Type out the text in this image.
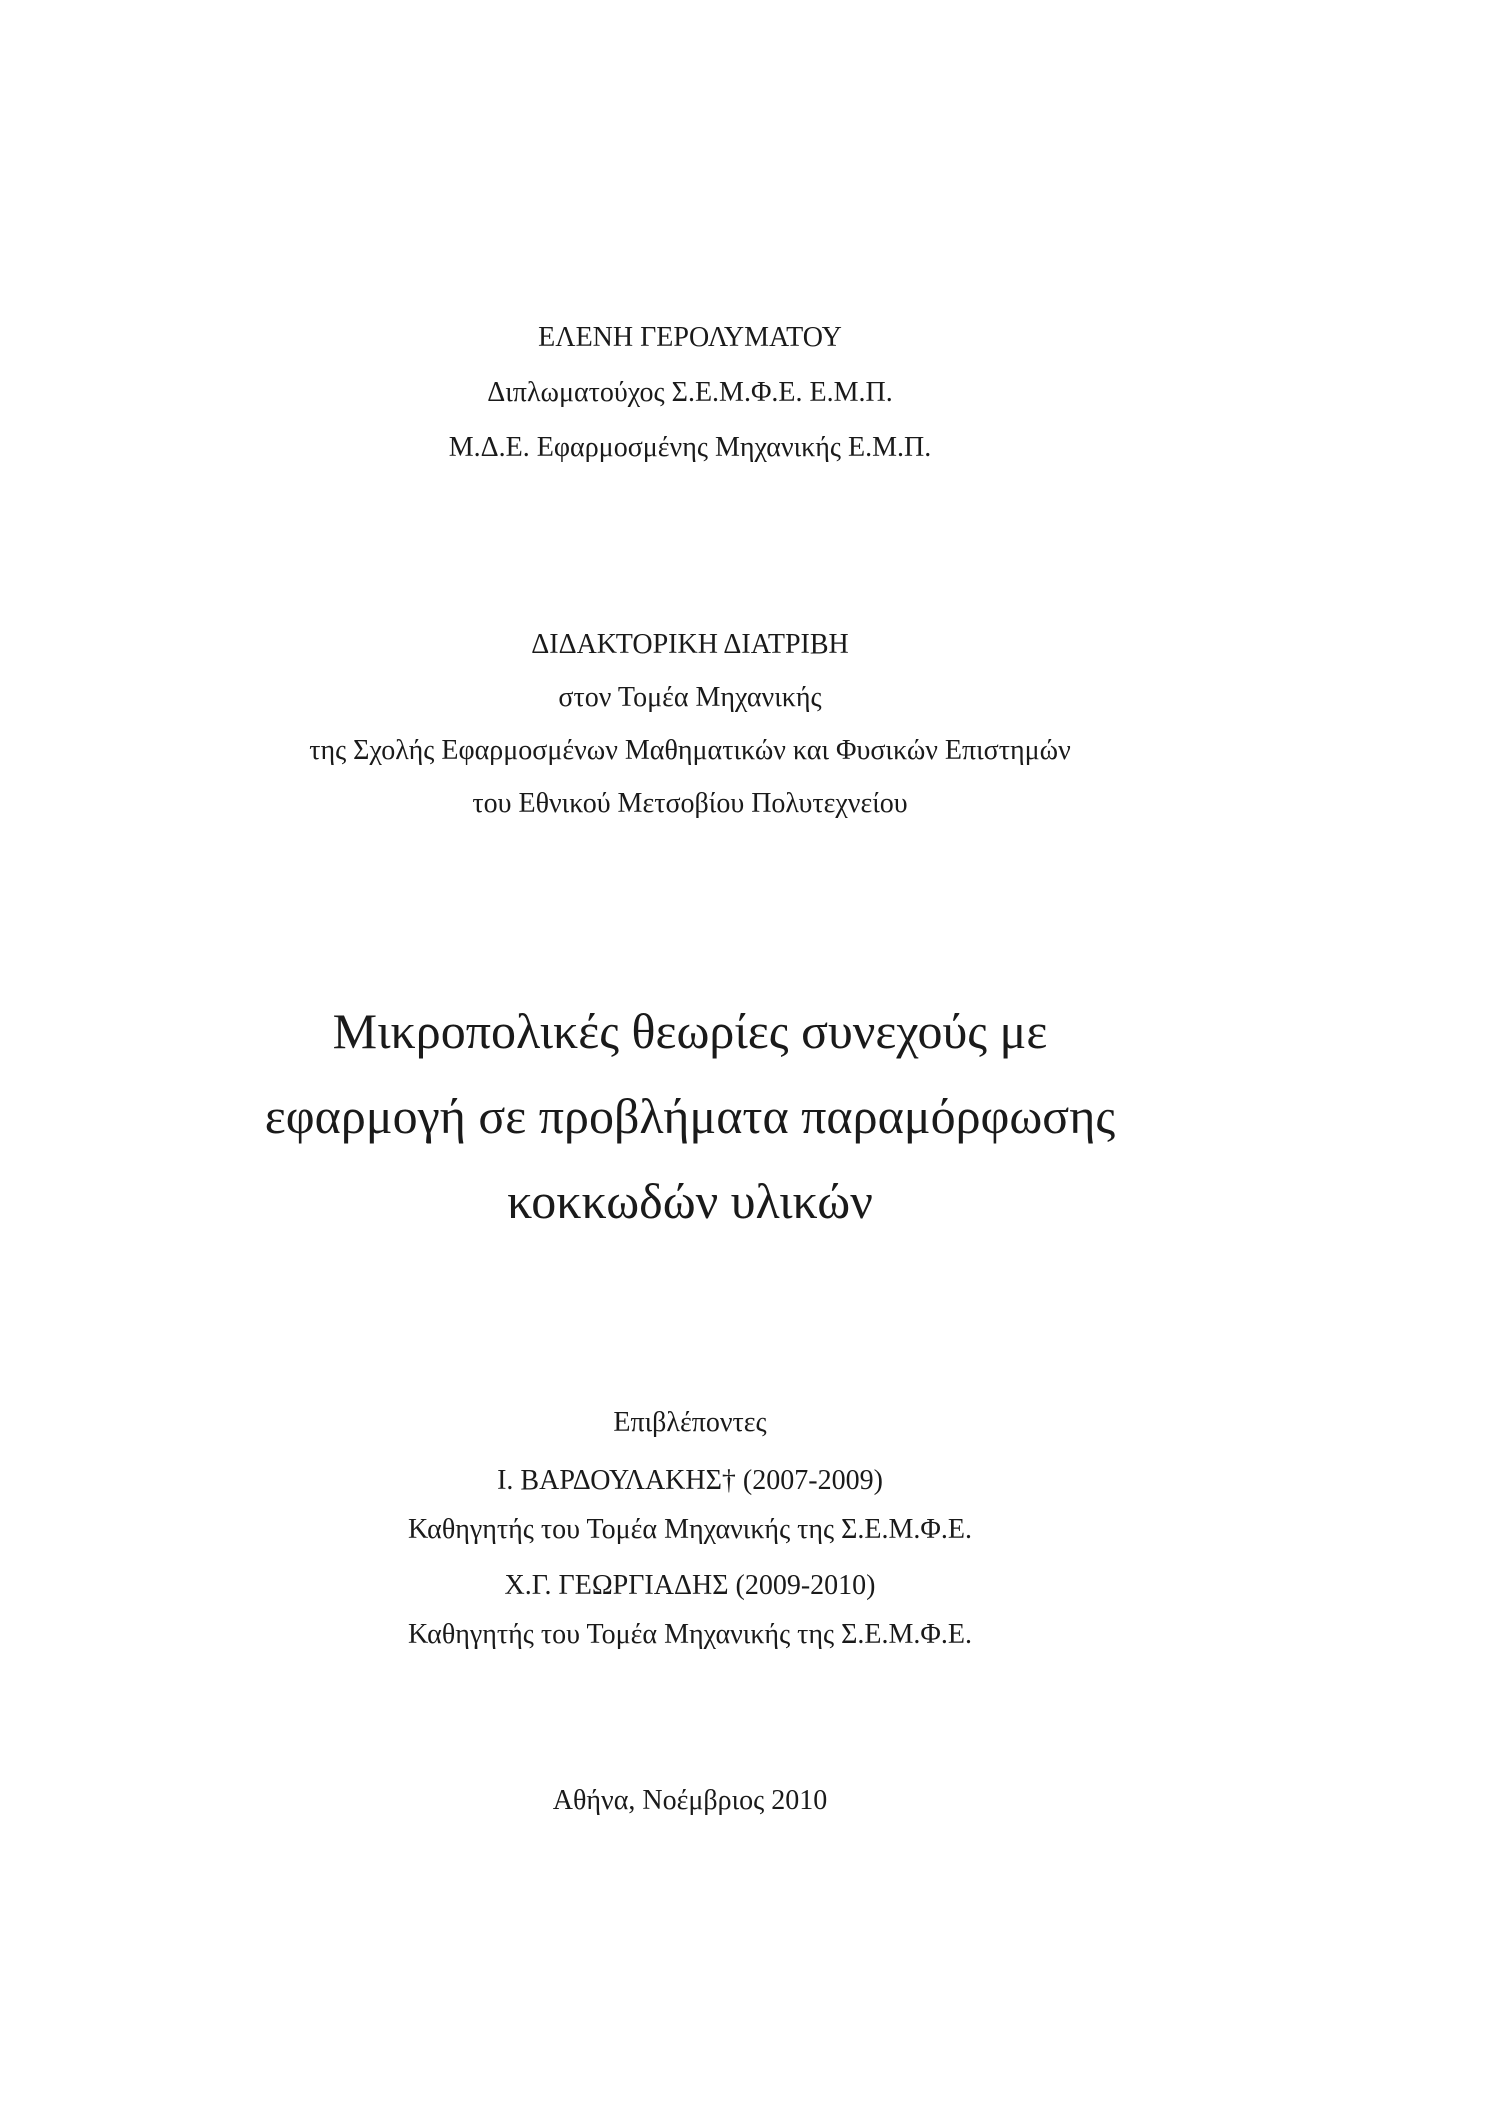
ΕΛΕΝΗ ΓΕΡΟΛΥΜΑΤΟΥ
Διπλωματούχος Σ.Ε.Μ.Φ.Ε. Ε.Μ.Π.
Μ.Δ.Ε. Εφαρμοσμένης Μηχανικής Ε.Μ.Π.
ΔΙΔΑΚΤΟΡΙΚΗ ΔΙΑΤΡΙΒΗ
στον Τομέα Μηχανικής
της Σχολής Εφαρμοσμένων Μαθηματικών και Φυσικών Επιστημών
του Εθνικού Μετσοβίου Πολυτεχνείου
Μικροπολικές θεωρίες συνεχούς με
εφαρμογή σε προβλήματα παραμόρφωσης
κοκκωδών υλικών
Επιβλέποντες
Ι. ΒΑΡΔΟΥΛΑΚΗΣ† (2007-2009)
Καθηγητής του Τομέα Μηχανικής της Σ.Ε.Μ.Φ.Ε.
Χ.Γ. ΓΕΩΡΓΙΑΔΗΣ (2009-2010)
Καθηγητής του Τομέα Μηχανικής της Σ.Ε.Μ.Φ.Ε.
Αθήνα, Νοέμβριος 2010
